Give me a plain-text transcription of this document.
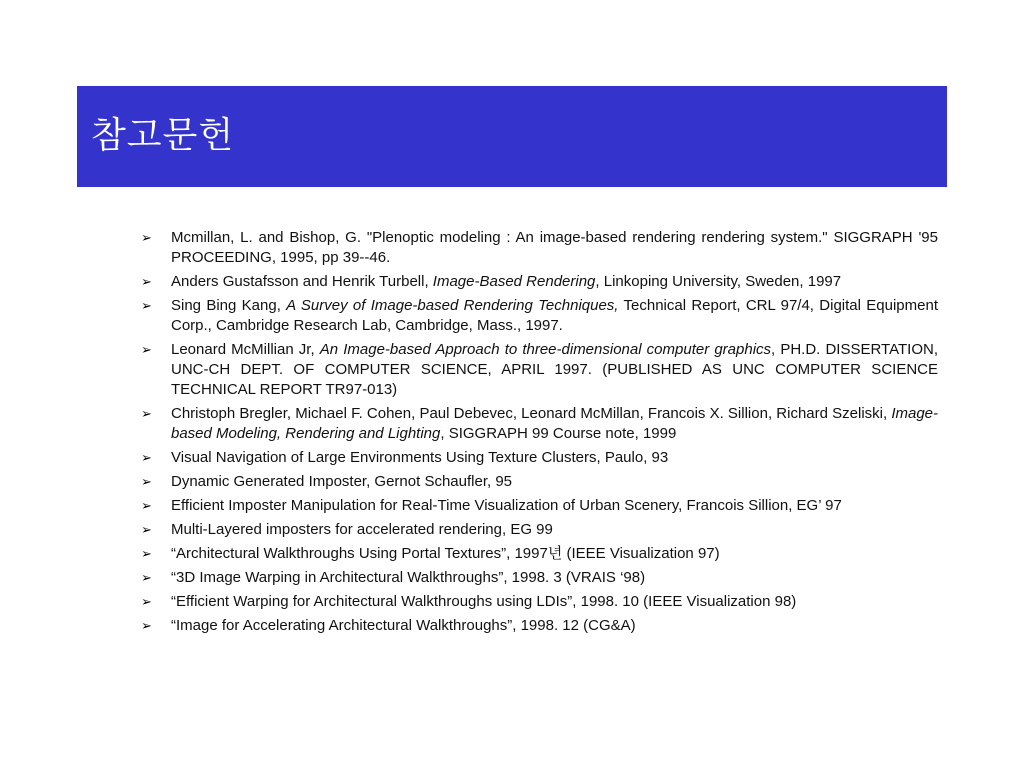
참고문헌
➢ Mcmillan, L. and Bishop, G. "Plenoptic modeling : An image-based rendering rendering system." SIGGRAPH '95 PROCEEDING, 1995, pp 39--46.
➢ Anders Gustafsson and Henrik Turbell, Image-Based Rendering, Linkoping University, Sweden, 1997
➢ Sing Bing Kang, A Survey of Image-based Rendering Techniques, Technical Report, CRL 97/4, Digital Equipment Corp., Cambridge Research Lab, Cambridge, Mass., 1997.
➢ Leonard McMillian Jr, An Image-based Approach to three-dimensional computer graphics, PH.D. DISSERTATION, UNC-CH DEPT. OF COMPUTER SCIENCE, APRIL 1997. (PUBLISHED AS UNC COMPUTER SCIENCE TECHNICAL REPORT TR97-013)
➢ Christoph Bregler, Michael F. Cohen, Paul Debevec, Leonard McMillan, Francois X. Sillion, Richard Szeliski, Image-based Modeling, Rendering and Lighting, SIGGRAPH 99 Course note, 1999
➢ Visual Navigation of Large Environments Using Texture Clusters, Paulo, 93
➢ Dynamic Generated Imposter, Gernot Schaufler, 95
➢ Efficient Imposter Manipulation for Real-Time Visualization of Urban Scenery, Francois Sillion, EG’ 97
➢ Multi-Layered imposters for accelerated rendering, EG 99
➢ “Architectural Walkthroughs Using Portal Textures”, 1997년 (IEEE Visualization 97)
➢ “3D Image Warping in Architectural Walkthroughs”, 1998. 3 (VRAIS ‘98)
➢ “Efficient Warping for Architectural Walkthroughs using LDIs”, 1998. 10 (IEEE Visualization 98)
➢ “Image for Accelerating Architectural Walkthroughs”, 1998. 12 (CG&A)
